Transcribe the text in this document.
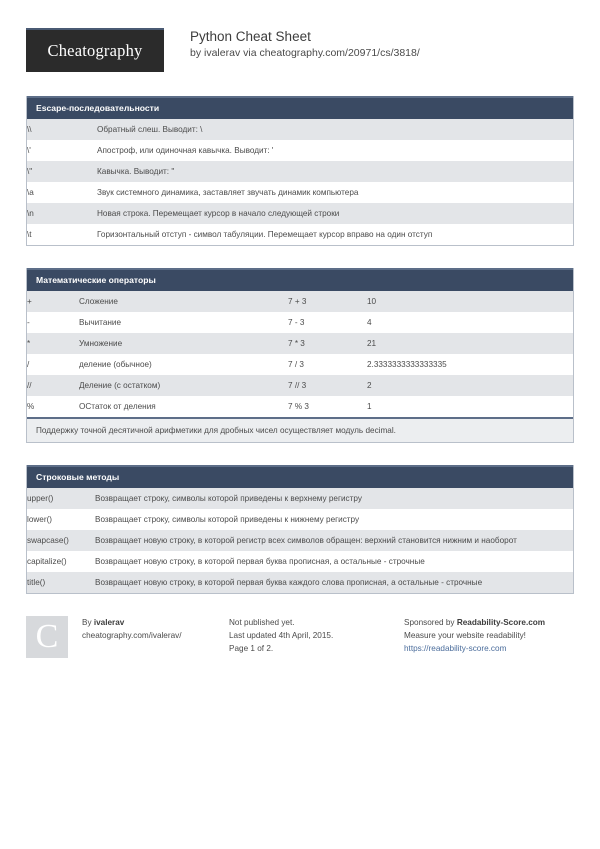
Cheatography
Python Cheat Sheet
by ivalerav via cheatography.com/20971/cs/3818/
Escape-последовательности
\\	Обратный слеш. Выводит: \
\'	Апостроф, или одиночная кавычка. Выводит: '
\"	Кавычка. Выводит: "
\a	Звук системного динамика, заставляет звучать динамик компьютера
\n	Новая строка. Перемещает курсор в начало следующей строки
\t	Горизонтальный отступ - символ табуляции. Перемещает курсор вправо на один отступ
Математические операторы
+	Сложение	7 + 3	10
-	Вычитание	7 - 3	4
*	Умножение	7 * 3	21
/	деление (обычное)	7 / 3	2.3333333333333335
//	Деление (с остатком)	7 // 3	2
%	ОСтаток от деления	7 % 3	1
Поддержку точной десятичной арифметики для дробных чисел осуществляет модуль decimal.
Строковые методы
upper()	Возвращает строку, символы которой приведены к верхнему регистру
lower()	Возвращает строку, символы которой приведены к нижнему регистру
swapcase()	Возвращает новую строку, в которой регистр всех символов обращен: верхний становится нижним и наоборот
capitalize()	Возвращает новую строку, в которой первая буква прописная, а остальные - строчные
title()	Возвращает новую строку, в которой первая буква каждого слова прописная, а остальные - строчные
C	By ivalerav
cheatography.com/ivalerav/
Not published yet.
Last updated 4th April, 2015.
Page 1 of 2.
Sponsored by Readability-Score.com
Measure your website readability!
https://readability-score.com
